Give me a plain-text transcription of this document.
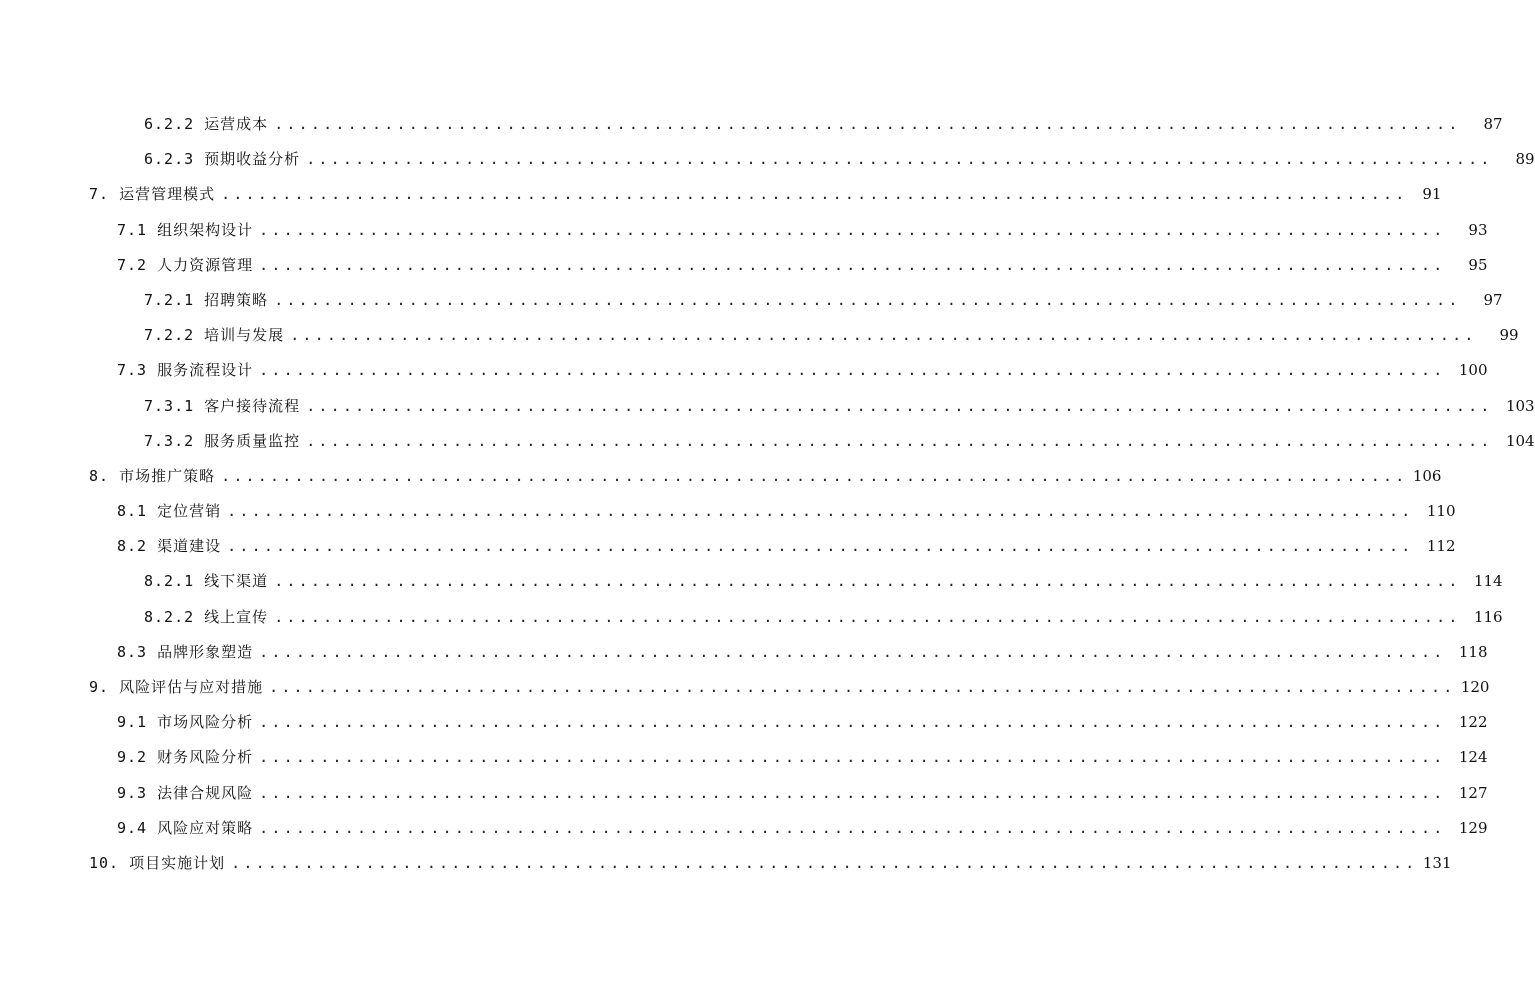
6.2.2 运营成本 .................................................................................................	87
6.2.3 预期收益分析 .................................................................................................	89
7. 运营管理模式 ................................................................................................. 91
7.1 组织架构设计 .................................................................................................	93
7.2 人力资源管理 .................................................................................................	95
7.2.1 招聘策略 .................................................................................................	97
7.2.2 培训与发展 .................................................................................................	99
7.3 服务流程设计 ................................................................................................. 100
7.3.1 客户接待流程 ................................................................................................. 103
7.3.2 服务质量监控 ................................................................................................. 104
8. 市场推广策略 ................................................................................................. 106
8.1 定位营销 ................................................................................................. 110
8.2 渠道建设 ................................................................................................. 112
8.2.1 线下渠道 ................................................................................................. 114
8.2.2 线上宣传 ................................................................................................. 116
8.3 品牌形象塑造 ................................................................................................. 118
9. 风险评估与应对措施 ................................................................................................. 120
9.1 市场风险分析 ................................................................................................. 122
9.2 财务风险分析 ................................................................................................. 124
9.3 法律合规风险 ................................................................................................. 127
9.4 风险应对策略 ................................................................................................. 129
10. 项目实施计划 ................................................................................................. 131
